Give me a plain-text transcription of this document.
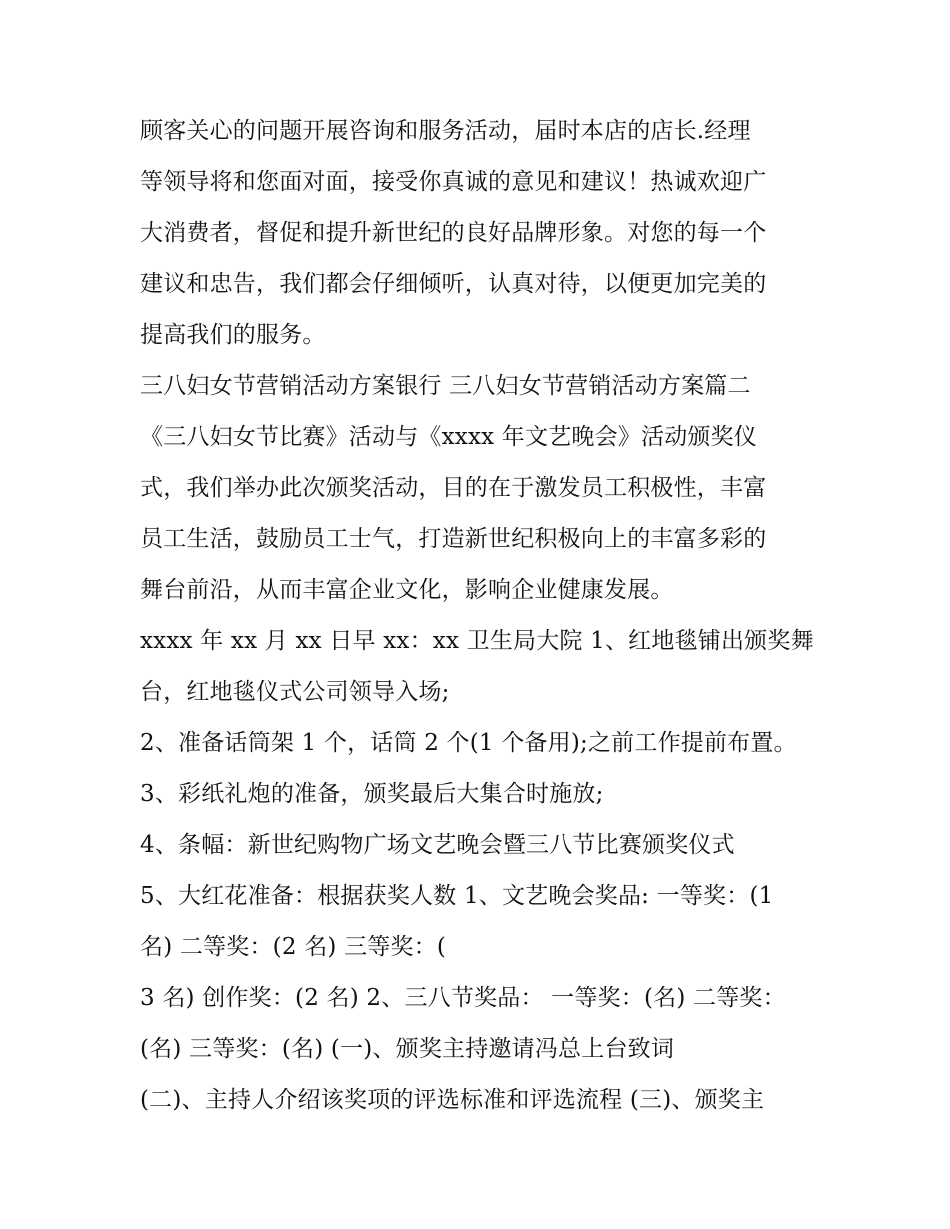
顾客关心的问题开展咨询和服务活动，届时本店的店长.经理
等领导将和您面对面，接受你真诚的意见和建议！热诚欢迎广
大消费者，督促和提升新世纪的良好品牌形象。对您的每一个
建议和忠告，我们都会仔细倾听，认真对待，以便更加完美的
提高我们的服务。
三八妇女节营销活动方案银行 三八妇女节营销活动方案篇二
《三八妇女节比赛》活动与《xxxx 年文艺晚会》活动颁奖仪
式，我们举办此次颁奖活动，目的在于激发员工积极性，丰富
员工生活，鼓励员工士气，打造新世纪积极向上的丰富多彩的
舞台前沿，从而丰富企业文化，影响企业健康发展。
xxxx 年 xx 月 xx 日早 xx：xx 卫生局大院 1、红地毯铺出颁奖舞
台，红地毯仪式公司领导入场;
2、准备话筒架 1 个，话筒 2 个(1 个备用);之前工作提前布置。
3、彩纸礼炮的准备，颁奖最后大集合时施放;
4、条幅：新世纪购物广场文艺晚会暨三八节比赛颁奖仪式
5、大红花准备：根据获奖人数 1、文艺晚会奖品: 一等奖：(1
名) 二等奖：(2 名) 三等奖：(
3 名) 创作奖：(2 名) 2、三八节奖品： 一等奖：(名) 二等奖：
(名) 三等奖：(名) (一)、颁奖主持邀请冯总上台致词
(二)、主持人介绍该奖项的评选标准和评选流程 (三)、颁奖主
